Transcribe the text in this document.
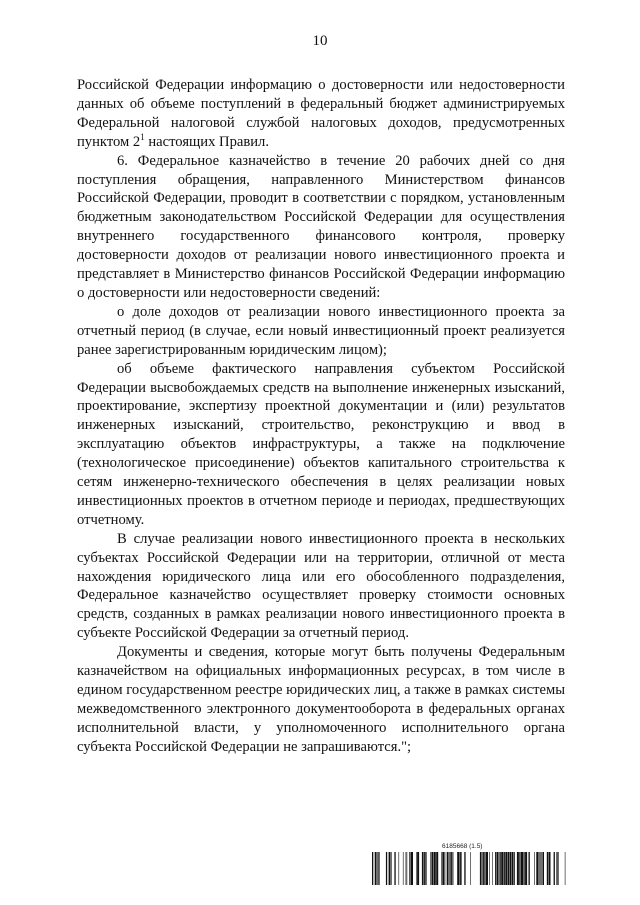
10

Российской Федерации информацию о достоверности или недостоверности данных об объеме поступлений в федеральный бюджет администрируемых Федеральной налоговой службой налоговых доходов, предусмотренных пунктом $2^1$ настоящих Правил.

6. Федеральное казначейство в течение 20 рабочих дней со дня поступления обращения, направленного Министерством финансов Российской Федерации, проводит в соответствии с порядком, установленным бюджетным законодательством Российской Федерации для осуществления внутреннего государственного финансового контроля, проверку достоверности доходов от реализации нового инвестиционного проекта и представляет в Министерство финансов Российской Федерации информацию о достоверности или недостоверности сведений:

о доле доходов от реализации нового инвестиционного проекта за отчетный период (в случае, если новый инвестиционный проект реализуется ранее зарегистрированным юридическим лицом);

об объеме фактического направления субъектом Российской Федерации высвобождаемых средств на выполнение инженерных изысканий, проектирование, экспертизу проектной документации и (или) результатов инженерных изысканий, строительство, реконструкцию и ввод в эксплуатацию объектов инфраструктуры, а также на подключение (технологическое присоединение) объектов капитального строительства к сетям инженерно-технического обеспечения в целях реализации новых инвестиционных проектов в отчетном периоде и периодах, предшествующих отчетному.

В случае реализации нового инвестиционного проекта в нескольких субъектах Российской Федерации или на территории, отличной от места нахождения юридического лица или его обособленного подразделения, Федеральное казначейство осуществляет проверку стоимости основных средств, созданных в рамках реализации нового инвестиционного проекта в субъекте Российской Федерации за отчетный период.

Документы и сведения, которые могут быть получены Федеральным казначейством на официальных информационных ресурсах, в том числе в едином государственном реестре юридических лиц, а также в рамках системы межведомственного электронного документооборота в федеральных органах исполнительной власти, у уполномоченного исполнительного органа субъекта Российской Федерации не запрашиваются.";

6185668 (1.5)
